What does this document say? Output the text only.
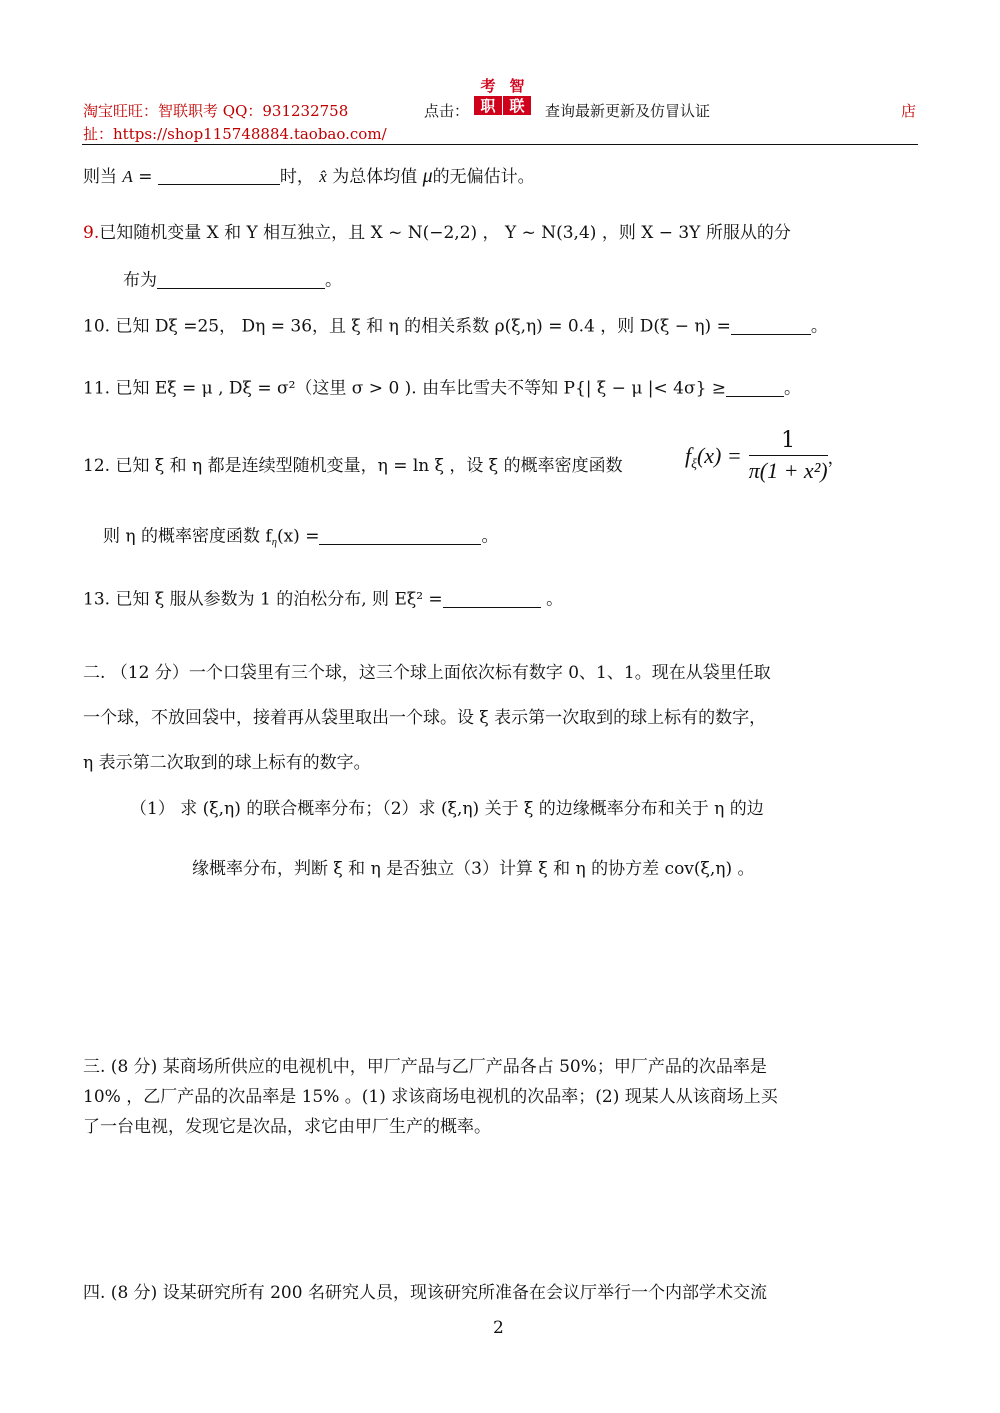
淘宝旺旺：智联职考 QQ：931232758
扯：https://shop115748884.taobao.com/
点击：
考 智
职 联	查询最新更新及仿冒认证	店
则当 A =	时， x̂ 为总体均值 μ的无偏估计。
9.已知随机变量 X 和 Y 相互独立，且 X ~ N(−2,2) ， Y ~ N(3,4) ，则 X − 3Y 所服从的分
布为	。
10. 已知 Dξ =25， Dη = 36，且 ξ 和 η 的相关系数 ρ(ξ,η) = 0.4 ，则 D(ξ − η) =	。
11. 已知 Eξ = μ , Dξ = σ²（这里 σ > 0 ). 由车比雪夫不等知 P{| ξ − μ |< 4σ} ≥	。
12. 已知 ξ 和 η 都是连续型随机变量，η = ln ξ ，设 ξ 的概率密度函数	$f_\xi(x) = \frac{1}{\text{π(1 + x²)}}$ ，
则 η 的概率密度函数 $f_\eta(x)$ =	。
13. 已知 ξ 服从参数为 1 的泊松分布, 则 Eξ² =	。
二. （12 分）一个口袋里有三个球，这三个球上面依次标有数字 0、1、1。现在从袋里任取
一个球，不放回袋中，接着再从袋里取出一个球。设 ξ 表示第一次取到的球上标有的数字，
η 表示第二次取到的球上标有的数字。
（1） 求 (ξ,η) 的联合概率分布；（2）求 (ξ,η) 关于 ξ 的边缘概率分布和关于 η 的边
缘概率分布，判断 ξ 和 η 是否独立（3）计算 ξ 和 η 的协方差 cov(ξ,η) 。
三. (8 分) 某商场所供应的电视机中，甲厂产品与乙厂产品各占 50%；甲厂产品的次品率是
10% ，乙厂产品的次品率是 15% 。(1) 求该商场电视机的次品率；(2) 现某人从该商场上买
了一台电视，发现它是次品，求它由甲厂生产的概率。
四. (8 分) 设某研究所有 200 名研究人员，现该研究所准备在会议厅举行一个内部学术交流
2
